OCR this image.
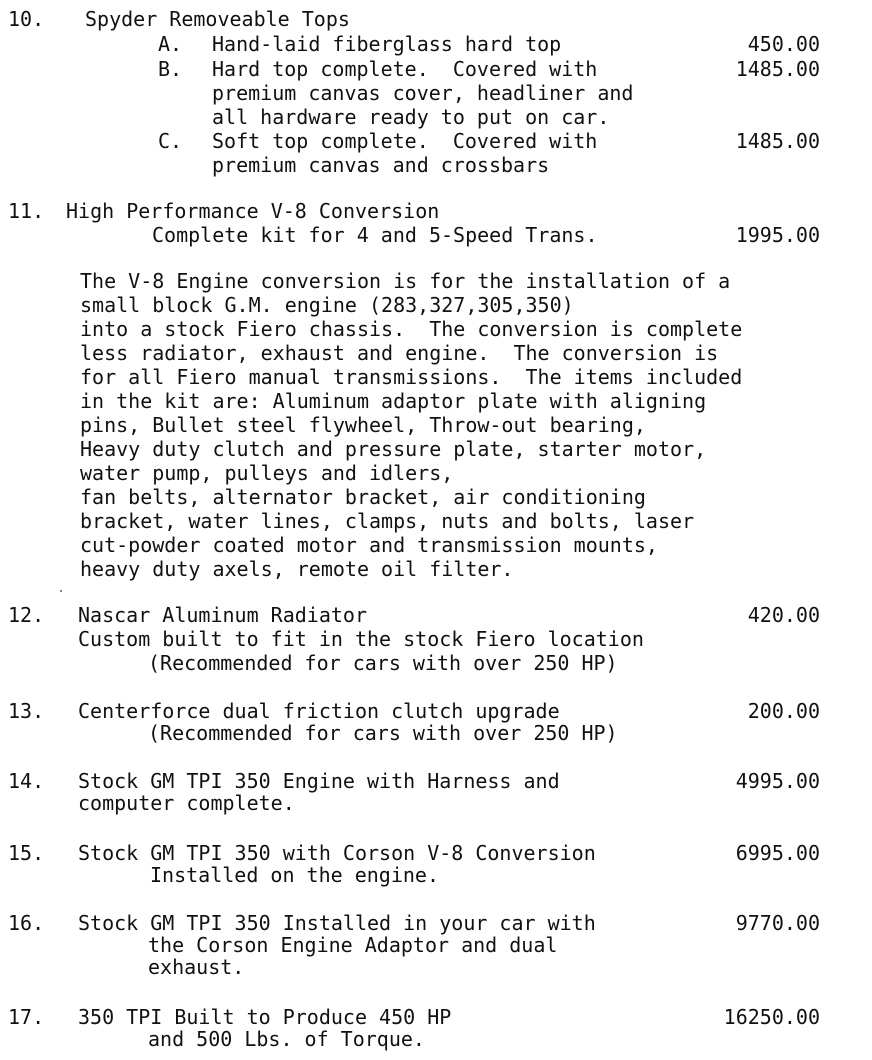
10. Spyder Removeable Tops
A. Hand-laid fiberglass hard top	450.00
B. Hard top complete.  Covered with	1485.00
premium canvas cover, headliner and
all hardware ready to put on car.
C. Soft top complete.  Covered with	1485.00
premium canvas and crossbars
11. High Performance V-8 Conversion
Complete kit for 4 and 5-Speed Trans.	1995.00
The V-8 Engine conversion is for the installation of a
small block G.M. engine (283,327,305,350)
into a stock Fiero chassis.  The conversion is complete
less radiator, exhaust and engine.  The conversion is
for all Fiero manual transmissions.  The items included
in the kit are: Aluminum adaptor plate with aligning
pins, Bullet steel flywheel, Throw-out bearing,
Heavy duty clutch and pressure plate, starter motor,
water pump, pulleys and idlers,
fan belts, alternator bracket, air conditioning
bracket, water lines, clamps, nuts and bolts, laser
cut-powder coated motor and transmission mounts,
heavy duty axels, remote oil filter.
12. Nascar Aluminum Radiator	420.00
Custom built to fit in the stock Fiero location
(Recommended for cars with over 250 HP)
13. Centerforce dual friction clutch upgrade	200.00
(Recommended for cars with over 250 HP)
14. Stock GM TPI 350 Engine with Harness and	4995.00
computer complete.
15. Stock GM TPI 350 with Corson V-8 Conversion	6995.00
Installed on the engine.
16. Stock GM TPI 350 Installed in your car with	9770.00
the Corson Engine Adaptor and dual
exhaust.
17. 350 TPI Built to Produce 450 HP	16250.00
and 500 Lbs. of Torque.
